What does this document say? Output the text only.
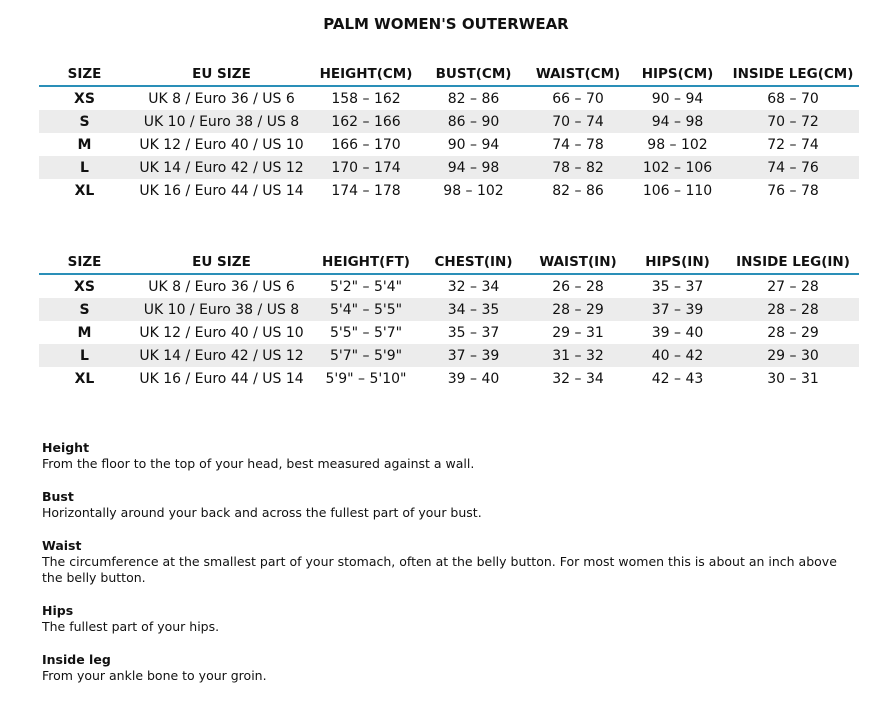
PALM WOMEN'S OUTERWEAR
SIZE	EU SIZE	HEIGHT(CM)	BUST(CM)	WAIST(CM)	HIPS(CM)	INSIDE LEG(CM)
XS	UK 8 / Euro 36 / US 6	158 – 162	82 – 86	66 – 70	90 – 94	68 – 70
S	UK 10 / Euro 38 / US 8	162 – 166	86 – 90	70 – 74	94 – 98	70 – 72
M	UK 12 / Euro 40 / US 10	166 – 170	90 – 94	74 – 78	98 – 102	72 – 74
L	UK 14 / Euro 42 / US 12	170 – 174	94 – 98	78 – 82	102 – 106	74 – 76
XL	UK 16 / Euro 44 / US 14	174 – 178	98 – 102	82 – 86	106 – 110	76 – 78
SIZE	EU SIZE	HEIGHT(FT)	CHEST(IN)	WAIST(IN)	HIPS(IN)	INSIDE LEG(IN)
XS	UK 8 / Euro 36 / US 6	5'2" – 5'4"	32 – 34	26 – 28	35 – 37	27 – 28
S	UK 10 / Euro 38 / US 8	5'4" – 5'5"	34 – 35	28 – 29	37 – 39	28 – 28
M	UK 12 / Euro 40 / US 10	5'5" – 5'7"	35 – 37	29 – 31	39 – 40	28 – 29
L	UK 14 / Euro 42 / US 12	5'7" – 5'9"	37 – 39	31 – 32	40 – 42	29 – 30
XL	UK 16 / Euro 44 / US 14	5'9" – 5'10"	39 – 40	32 – 34	42 – 43	30 – 31
Height
From the floor to the top of your head, best measured against a wall.
Bust
Horizontally around your back and across the fullest part of your bust.
Waist
The circumference at the smallest part of your stomach, often at the belly button. For most women this is about an inch above the belly button.
Hips
The fullest part of your hips.
Inside leg
From your ankle bone to your groin.
